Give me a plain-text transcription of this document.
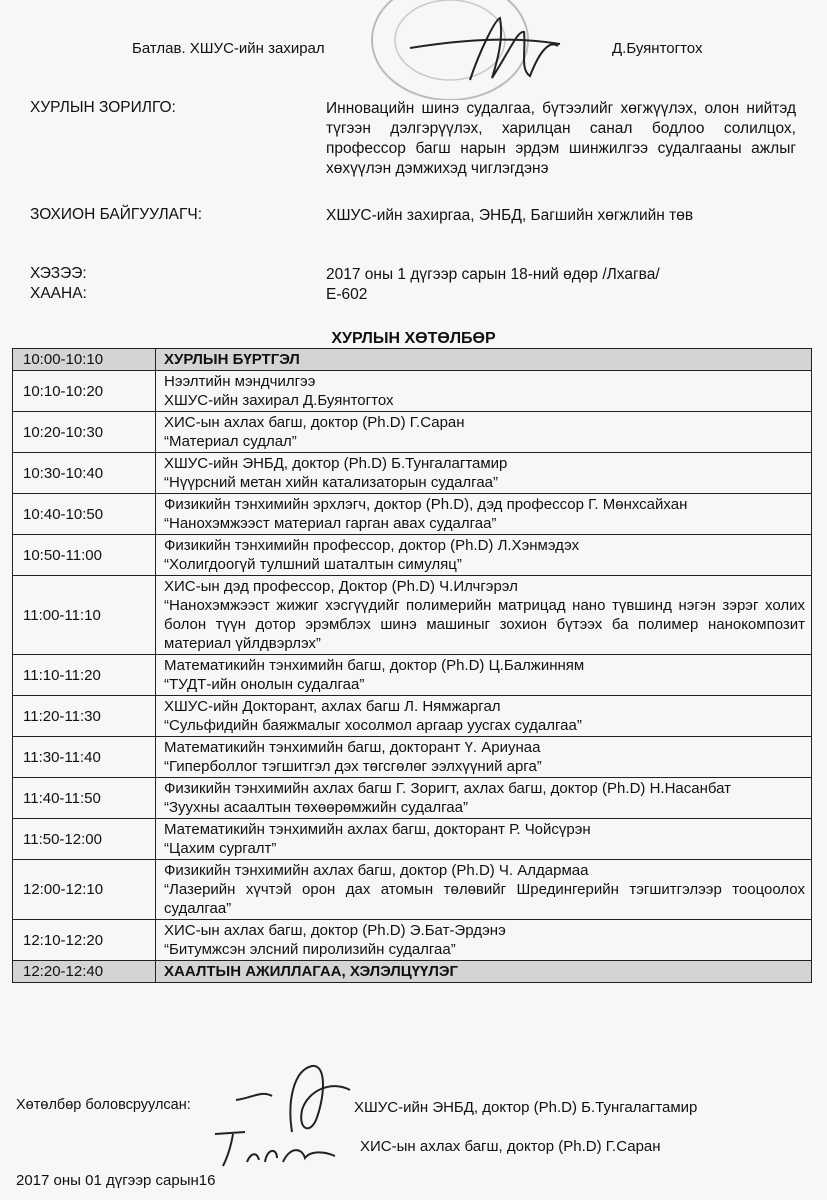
Батлав. ХШУС-ийн захирал	Д.Буянтогтох
ХУРЛЫН ЗОРИЛГО:	Инновацийн шинэ судалгаа, бүтээлийг хөгжүүлэх, олон нийтэд түгээн дэлгэрүүлэх, харилцан санал бодлоо солилцох, профессор багш нарын эрдэм шинжилгээ судалгааны ажлыг хөхүүлэн дэмжихэд чиглэгдэнэ
ЗОХИОН БАЙГУУЛАГЧ:	ХШУС-ийн захиргаа, ЭНБД, Багшийн хөгжлийн төв
ХЭЗЭЭ:	2017 оны 1 дүгээр сарын 18-ний өдөр /Лхагва/
ХААНА:	Е-602
ХУРЛЫН ХӨТӨЛБӨР
10:00-10:10	ХУРЛЫН БҮРТГЭЛ

10:10-10:20	Нээлтийн мэндчилгээ
ХШУС-ийн захирал Д.Буянтогтох

10:20-10:30	ХИС-ын ахлах багш, доктор (Ph.D) Г.Саран
“Материал судлал”

10:30-10:40	ХШУС-ийн ЭНБД, доктор (Ph.D) Б.Тунгалагтамир
“Нүүрсний метан хийн катализаторын судалгаа”

10:40-10:50	Физикийн тэнхимийн эрхлэгч, доктор (Ph.D), дэд профессор Г. Мөнхсайхан
“Нанохэмжээст материал гарган авах судалгаа”

10:50-11:00	Физикийн тэнхимийн профессор, доктор (Ph.D) Л.Хэнмэдэх
“Холигдоогүй тулшний шаталтын симуляц”

11:00-11:10	ХИС-ын дэд профессор, Доктор (Ph.D) Ч.Илчгэрэл
“Нанохэмжээст жижиг хэсгүүдийг полимерийн матрицад нано түвшинд нэгэн зэрэг холих болон түүн дотор эрэмблэх шинэ машиныг зохион бүтээх ба полимер нанокомпозит материал үйлдвэрлэх”

11:10-11:20	Математикийн тэнхимийн багш, доктор (Ph.D) Ц.Балжинням
“ТУДТ-ийн онолын судалгаа”

11:20-11:30	ХШУС-ийн Докторант, ахлах багш Л. Нямжаргал
“Сульфидийн баяжмалыг хосолмол аргаар уусгах судалгаа”

11:30-11:40	Математикийн тэнхимийн багш, докторант Ү. Ариунаа
“Гиперболлог тэгшитгэл дэх төгсгөлөг ээлхүүний арга”

11:40-11:50	Физикийн тэнхимийн ахлах багш Г. Зоригт, ахлах багш, доктор (Ph.D) Н.Насанбат
“Зуухны асаалтын төхөөрөмжийн судалгаа”

11:50-12:00	Математикийн тэнхимийн ахлах багш, докторант Р. Чойсүрэн
“Цахим сургалт”

12:00-12:10	Физикийн тэнхимийн ахлах багш, доктор (Ph.D) Ч. Алдармаа
“Лазерийн хүчтэй орон дах атомын төлөвийг Шредингерийн тэгшитгэлээр тооцоолох судалгаа”

12:10-12:20	ХИС-ын ахлах багш, доктор (Ph.D) Э.Бат-Эрдэнэ
“Битумжсэн элсний пиролизийн судалгаа”

12:20-12:40	ХААЛТЫН АЖИЛЛАГАА, ХЭЛЭЛЦҮҮЛЭГ
Хөтөлбөр боловсруулсан:	ХШУС-ийн ЭНБД, доктор (Ph.D) Б.Тунгалагтамир
ХИС-ын ахлах багш, доктор (Ph.D) Г.Саран
2017 оны 01 дүгээр сарын16
